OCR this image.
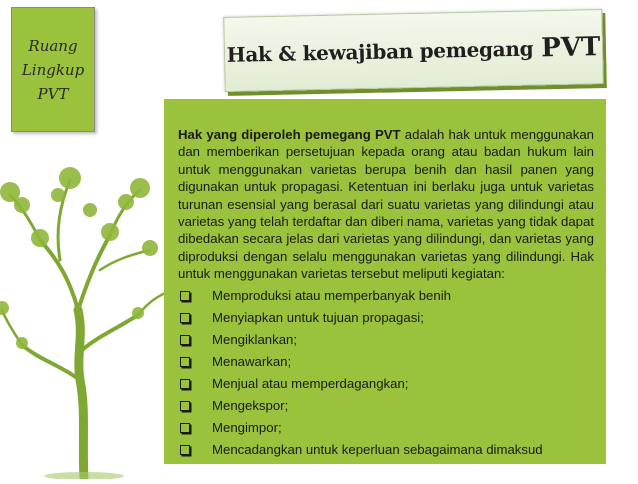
Ruang
Lingkup
PVT
Hak & kewajiban pemegang PVT

Hak yang diperoleh pemegang PVT adalah hak untuk menggunakan dan memberikan persetujuan kepada orang atau badan hukum lain untuk menggunakan varietas berupa benih dan hasil panen yang digunakan untuk propagasi. Ketentuan ini berlaku juga untuk varietas turunan esensial yang berasal dari suatu varietas yang dilindungi atau varietas yang telah terdaftar dan diberi nama, varietas yang tidak dapat dibedakan secara jelas dari varietas yang dilindungi, dan varietas yang diproduksi dengan selalu menggunakan varietas yang dilindungi. Hak untuk menggunakan varietas tersebut meliputi kegiatan:

Memproduksi atau memperbanyak benih
Menyiapkan untuk tujuan propagasi;
Mengiklankan;
Menawarkan;
Menjual atau memperdagangkan;
Mengekspor;
Mengimpor;
Mencadangkan untuk keperluan sebagaimana dimaksud
